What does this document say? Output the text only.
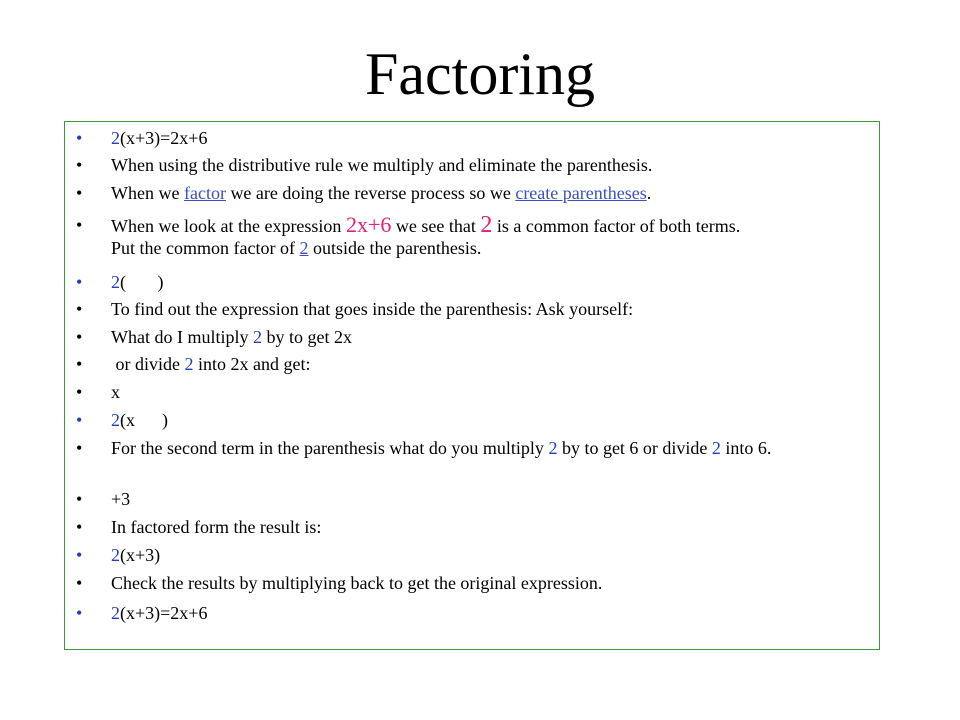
Factoring
• 2(x+3)=2x+6
• When using the distributive rule we multiply and eliminate the parenthesis.
• When we factor we are doing the reverse process so we create parentheses.
• When we look at the expression 2x+6 we see that 2 is a common factor of both terms.
Put the common factor of 2 outside the parenthesis.
• 2(       )
• To find out the expression that goes inside the parenthesis: Ask yourself:
• What do I multiply 2 by to get 2x
•  or divide 2 into 2x and get:
• x
• 2(x      )
• For the second term in the parenthesis what do you multiply 2 by to get 6 or divide 2 into 6.
• +3
• In factored form the result is:
• 2(x+3)
• Check the results by multiplying back to get the original expression.
• 2(x+3)=2x+6
